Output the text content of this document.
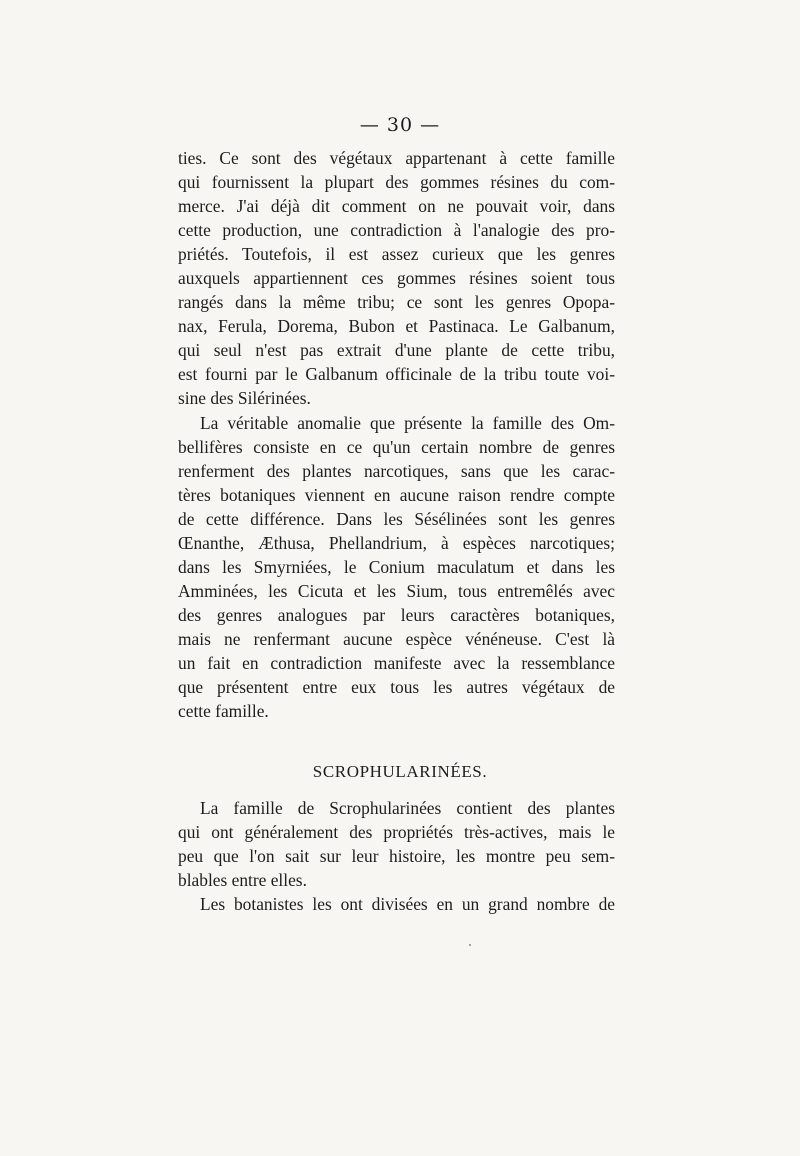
— 30 —
ties. Ce sont des végétaux appartenant à cette famille
qui fournissent la plupart des gommes résines du com-
merce. J'ai déjà dit comment on ne pouvait voir, dans
cette production, une contradiction à l'analogie des pro-
priétés. Toutefois, il est assez curieux que les genres
auxquels appartiennent ces gommes résines soient tous
rangés dans la même tribu; ce sont les genres Opopa-
nax, Ferula, Dorema, Bubon et Pastinaca. Le Galbanum,
qui seul n'est pas extrait d'une plante de cette tribu,
est fourni par le Galbanum officinale de la tribu toute voi-
sine des Silérinées.
La véritable anomalie que présente la famille des Om-
bellifères consiste en ce qu'un certain nombre de genres
renferment des plantes narcotiques, sans que les carac-
tères botaniques viennent en aucune raison rendre compte
de cette différence. Dans les Sésélinées sont les genres
Œnanthe, Æthusa, Phellandrium, à espèces narcotiques;
dans les Smyrniées, le Conium maculatum et dans les
Amminées, les Cicuta et les Sium, tous entremêlés avec
des genres analogues par leurs caractères botaniques,
mais ne renfermant aucune espèce vénéneuse. C'est là
un fait en contradiction manifeste avec la ressemblance
que présentent entre eux tous les autres végétaux de
cette famille.
SCROPHULARINÉES.
La famille de Scrophularinées contient des plantes
qui ont généralement des propriétés très-actives, mais le
peu que l'on sait sur leur histoire, les montre peu sem-
blables entre elles.
Les botanistes les ont divisées en un grand nombre de
